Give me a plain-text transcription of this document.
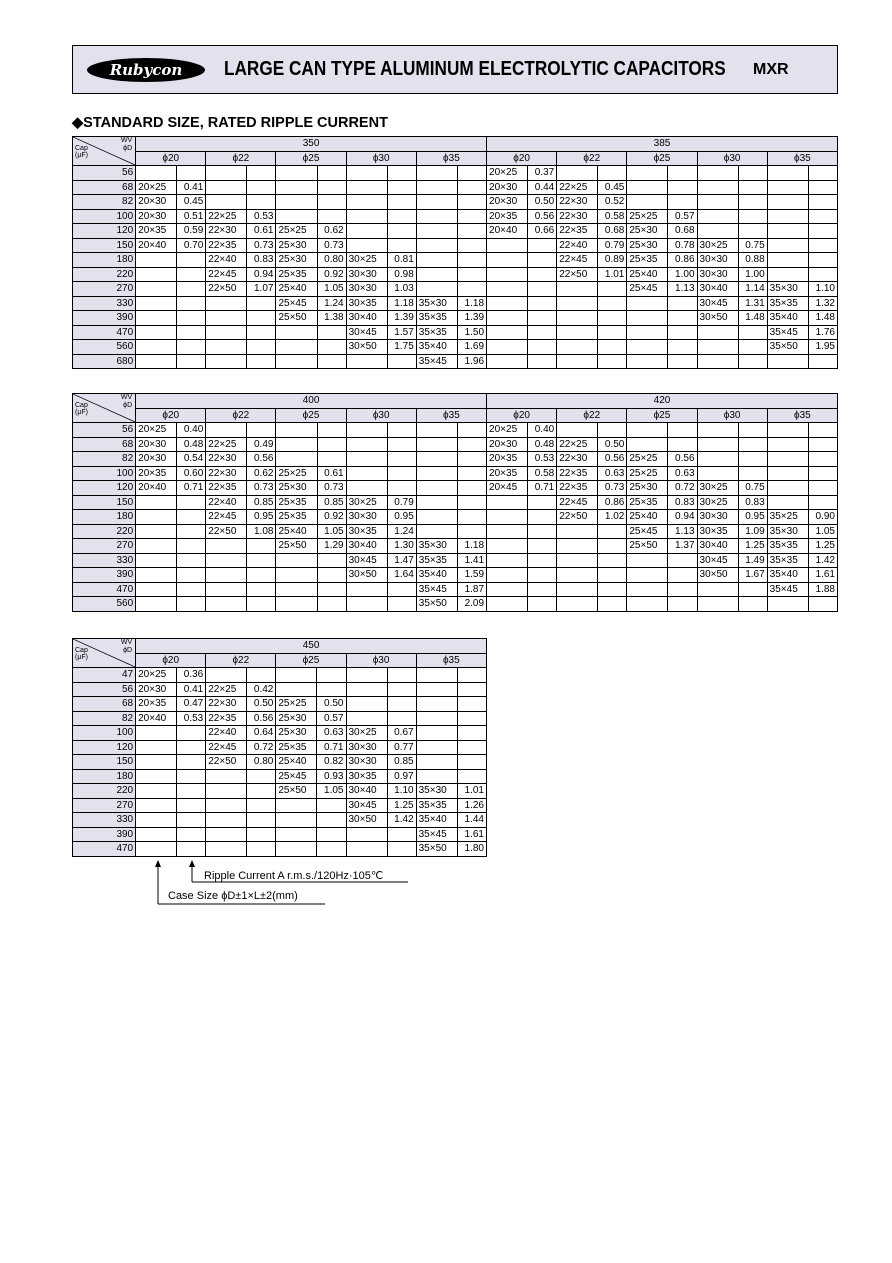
Rubycon	LARGE CAN TYPE ALUMINUM ELECTROLYTIC CAPACITORS MXR
◆STANDARD SIZE, RATED RIPPLE CURRENT
WV
ϕD
Cap
(μF)	350										385									
	ϕ20		ϕ22		ϕ25		ϕ30		ϕ35		ϕ20		ϕ22		ϕ25		ϕ30		ϕ35	
56											20×25	0.37								
68	20×25	0.41									20×30	0.44	22×25	0.45						
82	20×30	0.45									20×30	0.50	22×30	0.52						
100	20×30	0.51	22×25	0.53							20×35	0.56	22×30	0.58	25×25	0.57				
120	20×35	0.59	22×30	0.61	25×25	0.62					20×40	0.66	22×35	0.68	25×30	0.68				
150	20×40	0.70	22×35	0.73	25×30	0.73							22×40	0.79	25×30	0.78	30×25	0.75		
180			22×40	0.83	25×30	0.80	30×25	0.81					22×45	0.89	25×35	0.86	30×30	0.88		
220			22×45	0.94	25×35	0.92	30×30	0.98					22×50	1.01	25×40	1.00	30×30	1.00		
270			22×50	1.07	25×40	1.05	30×30	1.03							25×45	1.13	30×40	1.14	35×30	1.10
330					25×45	1.24	30×35	1.18	35×30	1.18							30×45	1.31	35×35	1.32
390					25×50	1.38	30×40	1.39	35×35	1.39							30×50	1.48	35×40	1.48
470							30×45	1.57	35×35	1.50									35×45	1.76
560							30×50	1.75	35×40	1.69									35×50	1.95
680									35×45	1.96										
WV
ϕD
Cap
(μF)	400										420									
	ϕ20		ϕ22		ϕ25		ϕ30		ϕ35		ϕ20		ϕ22		ϕ25		ϕ30		ϕ35	
56	20×25	0.40									20×25	0.40								
68	20×30	0.48	22×25	0.49							20×30	0.48	22×25	0.50						
82	20×30	0.54	22×30	0.56							20×35	0.53	22×30	0.56	25×25	0.56				
100	20×35	0.60	22×30	0.62	25×25	0.61					20×35	0.58	22×35	0.63	25×25	0.63				
120	20×40	0.71	22×35	0.73	25×30	0.73					20×45	0.71	22×35	0.73	25×30	0.72	30×25	0.75		
150			22×40	0.85	25×35	0.85	30×25	0.79					22×45	0.86	25×35	0.83	30×25	0.83		
180			22×45	0.95	25×35	0.92	30×30	0.95					22×50	1.02	25×40	0.94	30×30	0.95	35×25	0.90
220			22×50	1.08	25×40	1.05	30×35	1.24							25×45	1.13	30×35	1.09	35×30	1.05
270					25×50	1.29	30×40	1.30	35×30	1.18					25×50	1.37	30×40	1.25	35×35	1.25
330							30×45	1.47	35×35	1.41							30×45	1.49	35×35	1.42
390							30×50	1.64	35×40	1.59							30×50	1.67	35×40	1.61
470									35×45	1.87									35×45	1.88
560									35×50	2.09										
WV
ϕD
Cap
(μF)	450									
	ϕ20		ϕ22		ϕ25		ϕ30		ϕ35	
47	20×25	0.36								
56	20×30	0.41	22×25	0.42						
68	20×35	0.47	22×30	0.50	25×25	0.50				
82	20×40	0.53	22×35	0.56	25×30	0.57				
100			22×40	0.64	25×30	0.63	30×25	0.67		
120			22×45	0.72	25×35	0.71	30×30	0.77		
150			22×50	0.80	25×40	0.82	30×30	0.85		
180					25×45	0.93	30×35	0.97		
220					25×50	1.05	30×40	1.10	35×30	1.01
270							30×45	1.25	35×35	1.26
330							30×50	1.42	35×40	1.44
390									35×45	1.61
470									35×50	1.80
Ripple Current A r.m.s./120Hz·105℃
Case Size ϕD±1×L±2(mm)
